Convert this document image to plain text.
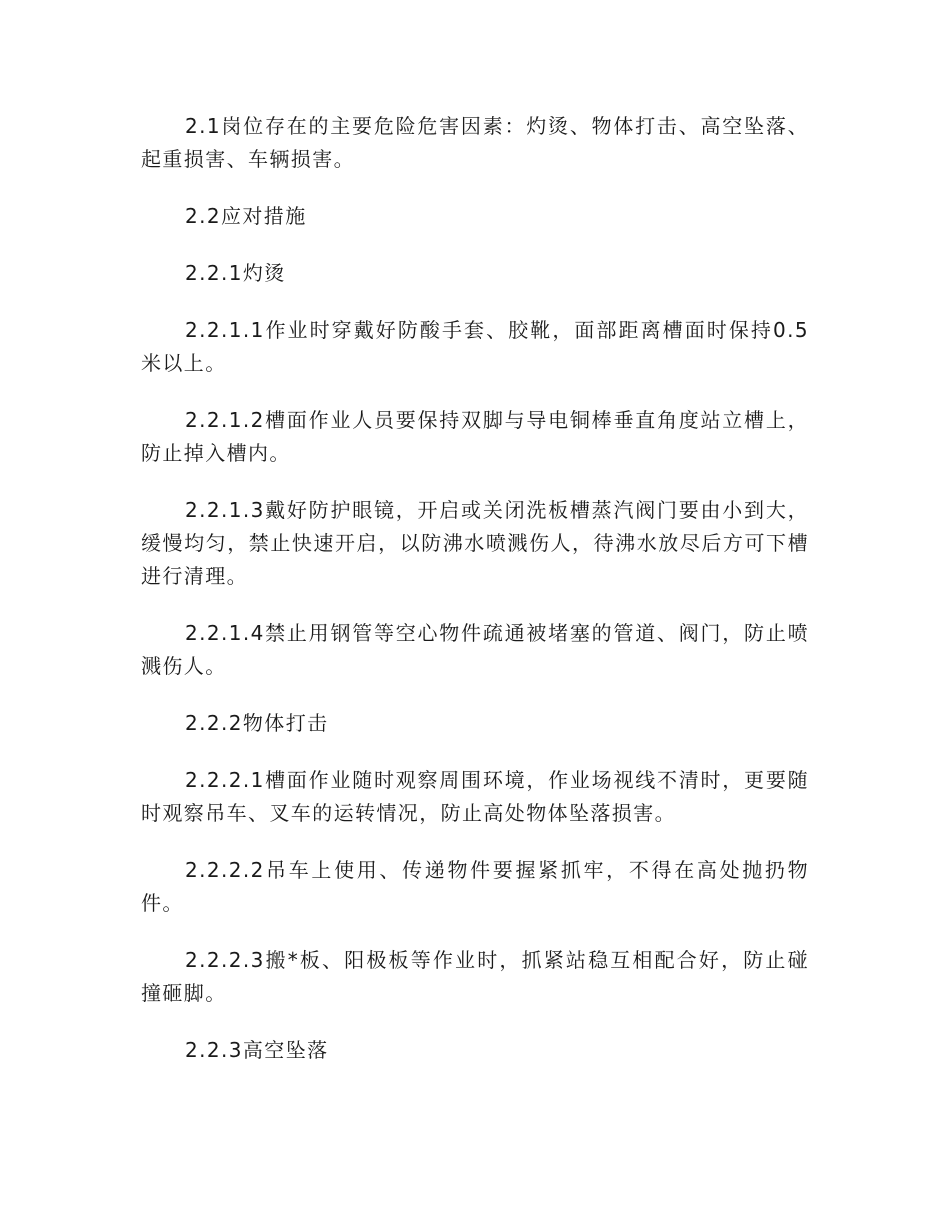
2.1岗位存在的主要危险危害因素：灼烫、物体打击、高空坠落、起重损害、车辆损害。

2.2应对措施

2.2.1灼烫

2.2.1.1作业时穿戴好防酸手套、胶靴，面部距离槽面时保持0.5米以上。

2.2.1.2槽面作业人员要保持双脚与导电铜棒垂直角度站立槽上，防止掉入槽内。

2.2.1.3戴好防护眼镜，开启或关闭洗板槽蒸汽阀门要由小到大，缓慢均匀，禁止快速开启，以防沸水喷溅伤人，待沸水放尽后方可下槽进行清理。

2.2.1.4禁止用钢管等空心物件疏通被堵塞的管道、阀门，防止喷溅伤人。

2.2.2物体打击

2.2.2.1槽面作业随时观察周围环境，作业场视线不清时，更要随时观察吊车、叉车的运转情况，防止高处物体坠落损害。

2.2.2.2吊车上使用、传递物件要握紧抓牢，不得在高处抛扔物件。

2.2.2.3搬*板、阳极板等作业时，抓紧站稳互相配合好，防止碰撞砸脚。

2.2.3高空坠落
